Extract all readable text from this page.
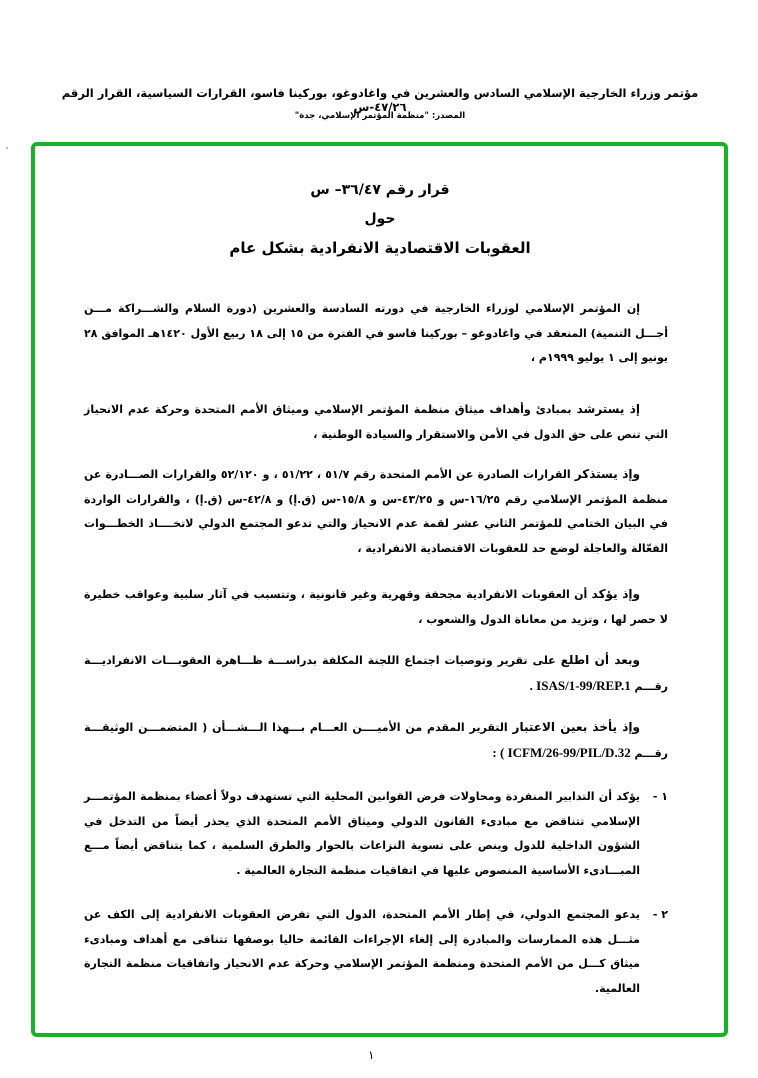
مؤتمر وزراء الخارجية الإسلامي السادس والعشرين في واغادوغو، بوركينا فاسو، القرارات السياسية، القرار الرقم ٤٧/٢٦-س
المصدر: "منظمة المؤتمر الإسلامي، جدة"
قرار رقم ٣٦/٤٧– س
حول
العقوبات الاقتصادية الانفرادية بشكل عام
إن المؤتمر الإسلامي لوزراء الخارجية في دورته السادسة والعشرين (دورة السلام والشـــراكة مـــن أجـــل التنمية) المنعقد في واغادوغو – بوركينا فاسو في الفترة من ١٥ إلى ١٨ ربيع الأول ١٤٢٠هـ الموافق ٢٨ يونيو إلى ١ يوليو ١٩٩٩م ،
إذ يسترشد بمبادئ وأهداف ميثاق منظمة المؤتمر الإسلامي وميثاق الأمم المتحدة وحركة عدم الانحياز التي تنص على حق الدول في الأمن والاستقرار والسيادة الوطنية ،
وإذ يستذكر القرارات الصادرة عن الأمم المتحدة رقم ٥١/٧ ، ٥١/٢٢ ، و ٥٢/١٢٠ والقرارات الصـــادرة عن منظمة المؤتمر الإسلامي رقم ١٦/٢٥-س و ٤٣/٢٥-س و ١٥/٨-س (ق.إ) و ٤٢/٨-س (ق.إ) ، والقرارات الواردة في البيان الختامي للمؤتمر الثاني عشر لقمة عدم الانحياز والتي تدعو المجتمع الدولي لاتخــــاذ الخطـــوات الفعّالة والعاجلة لوضع حد للعقوبات الاقتصادية الانفرادية ،
وإذ يؤكد أن العقوبات الانفرادية مجحفة وقهرية وغير قانونية ، وتتسبب في آثار سلبية وعواقب خطيرة لا حصر لها ، وتزيد من معاناة الدول والشعوب ،
وبعد أن اطلع على تقرير وتوصيات اجتماع اللجنة المكلفة بدراســـة ظـــاهرة العقوبـــات الانفراديـــة رقـــم . ISAS/1-99/REP.1
وإذ يأخذ بعين الاعتبار التقرير المقدم من الأميــــن العـــام بـــهذا الـــشـــأن ( المتضمـــن الوثيقـــة رقـــم : ( ICFM/26-99/PIL/D.32
١ -
يؤكد أن التدابير المنفردة ومحاولات فرض القوانين المحلية التي تستهدف دولاً أعضاء بمنظمة المؤتمـــر الإسلامي تتناقض مع مبادىء القانون الدولي وميثاق الأمم المتحدة الذي يحذر أيضاً من التدخل في الشؤون الداخلية للدول وينص على تسوية النزاعات بالحوار والطرق السلمية ، كما يتناقض أيضاً مـــع المبـــادىء الأساسية المنصوص عليها في اتفاقيات منظمة التجارة العالمية .
٢ -
يدعو المجتمع الدولي، في إطار الأمم المتحدة، الدول التي تفرض العقوبات الانفرادية إلى الكف عن مثـــل هذه الممارسات والمبادرة إلى إلغاء الإجراءات القائمة حاليا بوصفها تتنافى مع أهداف ومبادىء ميثاق كـــل من الأمم المتحدة ومنظمة المؤتمر الإسلامي وحركة عدم الانحياز واتفاقيات منظمة التجارة العالمية.
١
